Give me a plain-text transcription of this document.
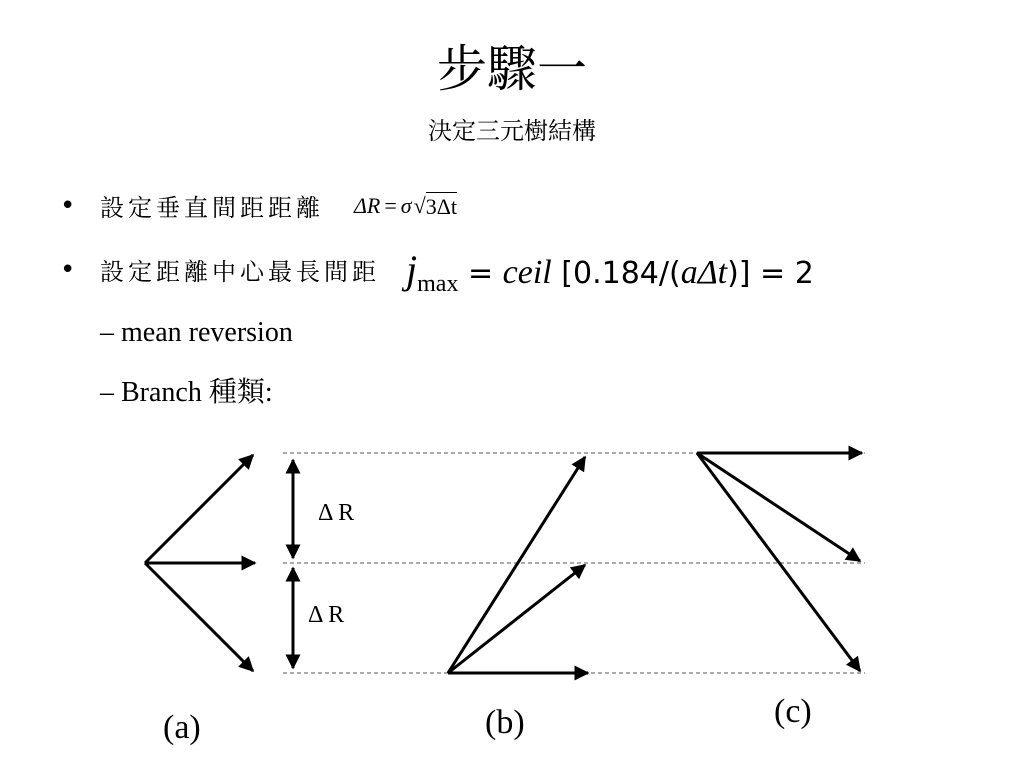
步驟一
決定三元樹結構
•	設定垂直間距距離 ΔR = σ √ 3Δt
•	設定距離中心最長間距 j max = ceil [0.184/( a Δt )] = 2
– mean reversion
– Branch 種類:
Δ R
Δ R
(a)	(b)	(c)
